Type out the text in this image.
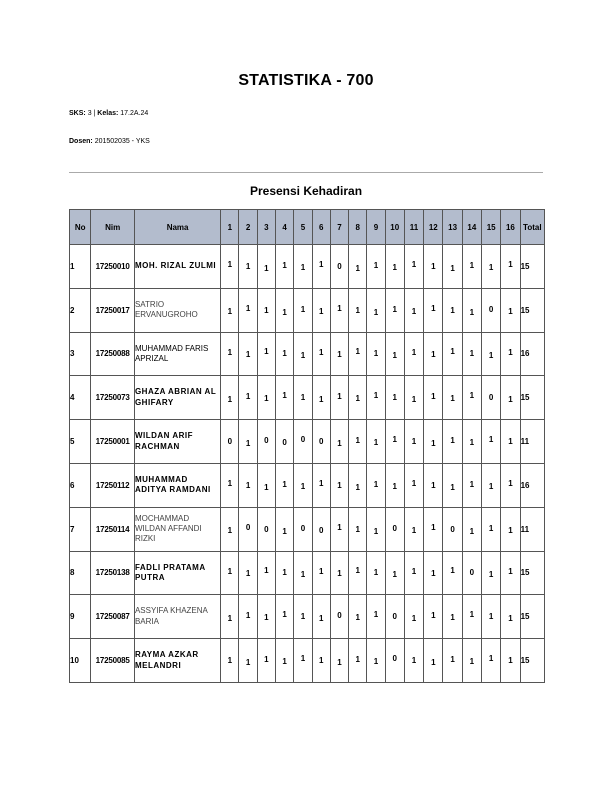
STATISTIKA - 700
SKS: 3 | Kelas: 17.2A.24
Dosen: 201502035 - YKS
Presensi Kehadiran
No	Nim	Nama	1	2	3	4	5	6	7	8	9	10	11	12	13	14	15	16	Total
1	17250010	MOH. RIZAL ZULMI	1	1	1	1	1	1	0	1	1	1	1	1	1	1	1	1	15
2	17250017	SATRIO ERVANUGROHO	1	1	1	1	1	1	1	1	1	1	1	1	1	1	0	1	15
3	17250088	MUHAMMAD FARIS APRIZAL	1	1	1	1	1	1	1	1	1	1	1	1	1	1	1	1	16
4	17250073	GHAZA ABRIAN AL GHIFARY	1	1	1	1	1	1	1	1	1	1	1	1	1	1	0	1	15
5	17250001	WILDAN ARIF RACHMAN	0	1	0	0	0	0	1	1	1	1	1	1	1	1	1	1	11
6	17250112	MUHAMMAD ADITYA RAMDANI	1	1	1	1	1	1	1	1	1	1	1	1	1	1	1	1	16
7	17250114	MOCHAMMAD WILDAN AFFANDI RIZKI	1	0	0	1	0	0	1	1	1	0	1	1	0	1	1	1	11
8	17250138	FADLI PRATAMA PUTRA	1	1	1	1	1	1	1	1	1	1	1	1	1	0	1	1	15
9	17250087	ASSYIFA KHAZENA BARIA	1	1	1	1	1	1	0	1	1	0	1	1	1	1	1	1	15
10	17250085	RAYMA AZKAR MELANDRI	1	1	1	1	1	1	1	1	1	0	1	1	1	1	1	1	15
